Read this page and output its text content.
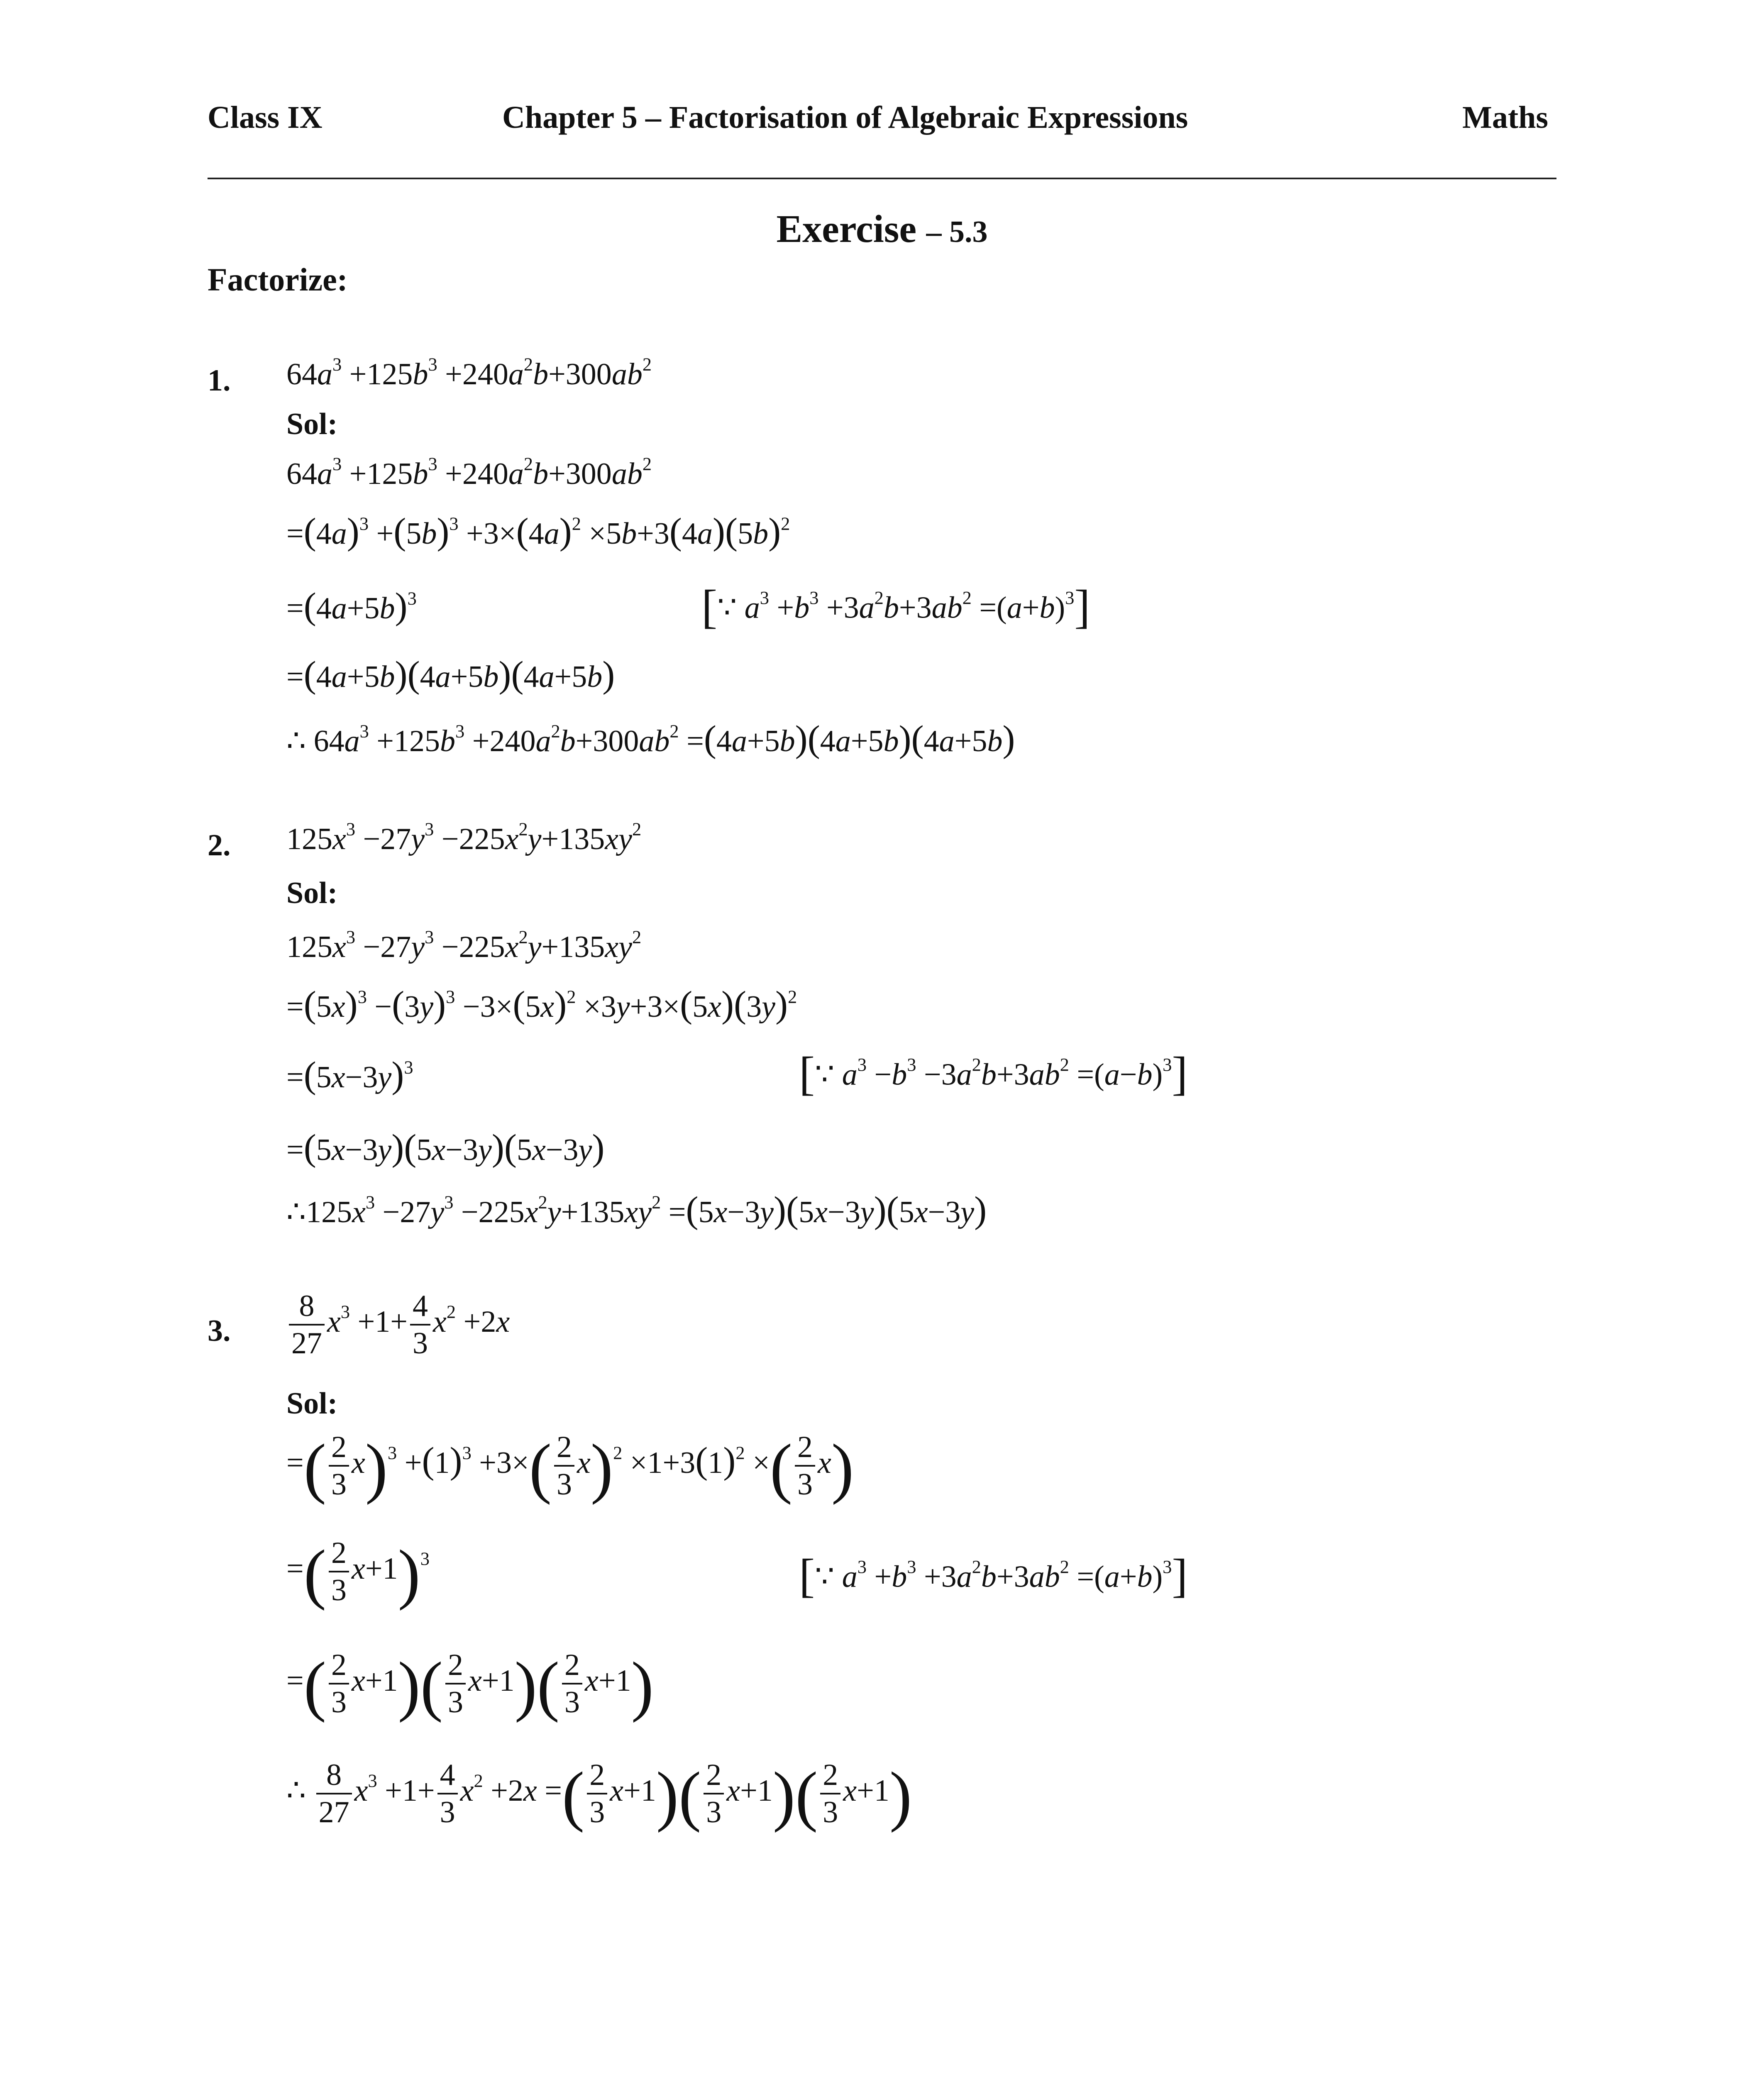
Class IX	Chapter 5 – Factorisation of Algebraic Expressions	Maths
Exercise – 5.3
Factorize:
1. $64a^3 +125b^3 +240a^2b+300ab^2$
Sol:
$64a^3 +125b^3 +240a^2b+300ab^2$
$=(4a)^3 +(5b)^3 +3\times(4a)^2 \times 5b+3(4a)(5b)^2$
$=(4a+5b)^3$	[∵ $a^3 +b^3 +3a^2b+3ab^2 =(a+b)^3$]
=(4a+5b)(4a+5b)(4a+5b)
∴ $64a^3 +125b^3 +240a^2b+300ab^2 =(4a+5b)(4a+5b)(4a+5b)$
2. $125x^3 -27y^3 -225x^2y+135xy^2$
Sol:
$125x^3 -27y^3 -225x^2y+135xy^2$
$=(5x)^3 -(3y)^3 -3\times(5x)^2 \times 3y+3\times(5x)(3y)^2$
$=(5x-3y)^3$	[∵ $a^3 -b^3 -3a^2b+3ab^2 =(a-b)^3$]
=(5x−3y)(5x−3y)(5x−3y)
$\therefore 125x^3 -27y^3 -225x^2y+135xy^2 =(5x-3y)(5x-3y)(5x-3y)$
3. $\frac{8}{27} x^3 +1+ \frac{4}{3} x^2 +2x$
Sol:
=( $\frac{2}{3} x)^3 +(1)^3 +3\times( \frac{2}{3} x)^2 \times 1+3(1)^2$ ×( $\frac{2}{3} x$)
=( $\frac{2}{3} x+1)^3$	[∵ $a^3 +b^3 +3a^2b+3ab^2 =(a+b)^3$]
=( $\frac{2}{3} x+1)( \frac{2}{3} x+1)( \frac{2}{3} x+1)$
∴ $\frac{8}{27} x^3 +1+ \frac{4}{3} x^2 +2x$ =( $\frac{2}{3} x+1)( \frac{2}{3} x+1)( \frac{2}{3} x+1)$
